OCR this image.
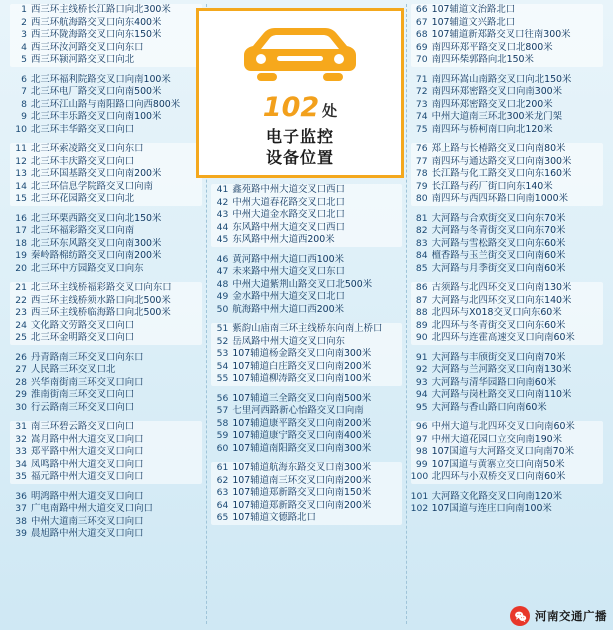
1 西三环主线桥长江路口向北300米
2 西三环航海路交叉口向东400米
3 西三环陇海路交叉口向东150米
4 西三环汝河路交叉口向东口
5 西三环颍河路交叉口向北
6 北三环福利院路交叉口向南100米
7 北三环电厂路交叉口向南500米
8 北三环江山路与南阳路口向西800米
9 北三环丰乐路交叉口向南100米
10 北三环丰华路交叉口向口
11 北三环索凌路交叉口向东口
12 北三环丰庆路交叉口向口
13 北三环国基路交叉口向南200米
14 北三环信息学院路交叉口向南
15 北三环花园路交叉口向北
16 北三环栗西路交叉口向北150米
17 北三环福彩路交叉口向南
18 北三环东风路交叉口向南300米
19 秦岭路棉纺路交叉口向南200米
20 北三环中方园路交叉口向东
21 北三环主线桥福彩路交叉口向东口
22 西三环主线桥须水路口向北500米
23 西三环主线桥临海路口向北500米
24 文化路文劳路交叉口向口
25 北三环金明路交叉口向口
26 丹青路南三环交叉口向东口
27 人民路三环交叉口北
28 兴华南街南三环交叉口向口
29 淮南街南三环交叉口向口
30 行云路南三环交叉口向口
31 南三环碧云路交叉口向口
32 嵩月路中州大道交叉口向口
33 郑平路中州大道交叉口向口
34 凤鸣路中州大道交叉口向口
35 福元路中州大道交叉口向口
36 明鸿路中州大道交叉口向口
37 广电南路中州大道交叉口向口
38 中州大道南三环交叉口向口
39 晨旭路中州大道交叉口向口
41 鑫苑路中州大道交叉口西口
42 中州大道春花路交叉口北口
43 中州大道金水路交叉口北口
44 东风路中州大道交叉口西口
45 东风路中州大道西200米
46 黄河路中州大道口西100米
47 未来路中州大道交叉口东口
48 中州大道紫荆山路交叉口北500米
49 金水路中州大道交叉口北口
50 航海路中州大道口西200米
51 紫韵山庙南三环主线桥东向南上桥口
52 岳凤路中州大道交叉口向东
53 107辅道杨金路交叉口向南300米
54 107辅道白庄路交叉口向南200米
55 107辅道柳涛路交叉口向南100米
56 107辅道三全路交叉口向南500米
57 七里河西路新心怡路交叉口向南
58 107辅道康平路交叉口向南200米
59 107辅道康宁路交叉口向南400米
60 107辅道南阳路交叉口向南300米
61 107辅道航海东路交叉口南300米
62 107辅道南三环交叉口向南200米
63 107辅道郑新路交叉口向南150米
64 107辅道郑新路交叉口向南200米
65 107辅道文德路北口
66 107辅道文治路北口
67 107辅道文兴路北口
68 107辅道新郑路交叉口往南300米
69 南四环郑平路交叉口北800米
70 南四环柴郭路向北150米
71 南四环嵩山南路交叉口向北150米
72 南四环郑密路交叉口向南300米
73 南四环郑密路交叉口北200米
74 中州大道南三环北300米龙门架
75 南四环与桥柯南口向北120米
76 郑上路与长椿路交叉口向南80米
77 南四环与通达路交叉口向南300米
78 长江路与化工路交叉口向东160米
79 长江路与药厂街口向东140米
80 南四环与西四环路口向南1000米
81 大河路与合欢街交叉口向东70米
82 大河路与冬青街交叉口向东70米
83 大河路与雪松路交叉口向东60米
84 檀香路与玉兰街交叉口向南60米
85 大河路与月季街交叉口向南60米
86 古须路与北四环交叉口向南130米
87 大河路与北四环交叉口向东140米
88 北四环与X018交叉口向东60米
89 北四环与冬青街交叉口向东60米
90 北四环与连霍高速交叉口向南60米
91 大河路与丰颀街交叉口向南70米
92 大河路与兰河路交叉口向南130米
93 大河路与清华园路口向南60米
94 大河路与岗杜路交叉口向南110米
95 大河路与香山路口向南60米
96 中州大道与北四环交叉口向南60米
97 中州大道花园口立交向南190米
98 107国道与大河路交叉口向南70米
99 107国道与黄寨立交口向南50米
100 北四环与小双桥交叉口向南60米
101 大河路文化路交叉口向南120米
102 107国道与连庄口向南100米
102 处
电子监控
设备位置
河南交通广播
